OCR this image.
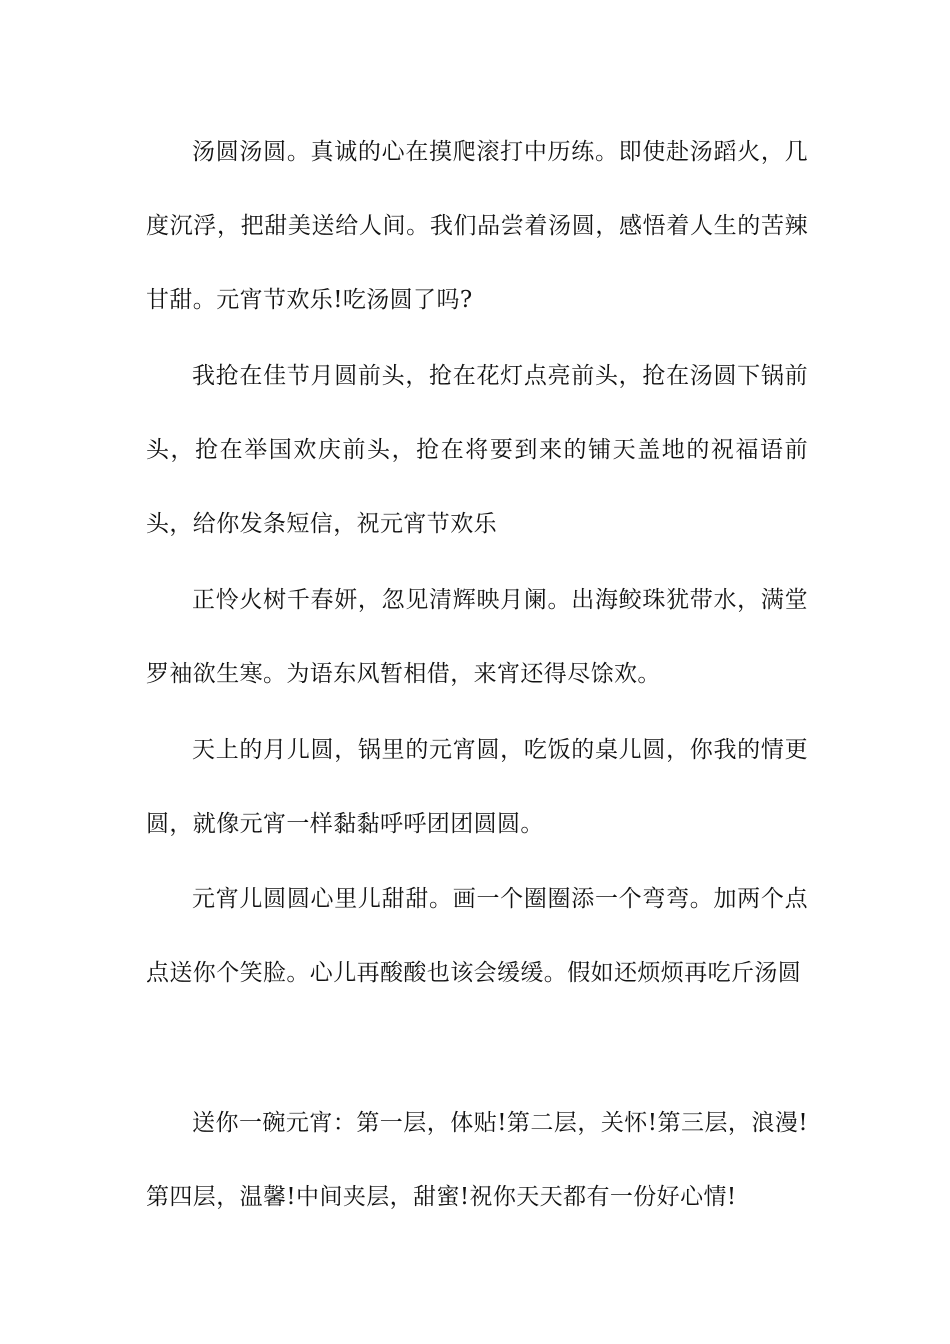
汤圆汤圆。真诚的心在摸爬滚打中历练。即使赴汤蹈火，几度沉浮，把甜美送给人间。我们品尝着汤圆，感悟着人生的苦辣甘甜。元宵节欢乐!吃汤圆了吗?

我抢在佳节月圆前头，抢在花灯点亮前头，抢在汤圆下锅前头，抢在举国欢庆前头，抢在将要到来的铺天盖地的祝福语前头，给你发条短信，祝元宵节欢乐

正怜火树千春妍，忽见清辉映月阑。出海鲛珠犹带水，满堂罗袖欲生寒。为语东风暂相借，来宵还得尽馀欢。

天上的月儿圆，锅里的元宵圆，吃饭的桌儿圆，你我的情更圆，就像元宵一样黏黏呼呼团团圆圆。

元宵儿圆圆心里儿甜甜。画一个圈圈添一个弯弯。加两个点点送你个笑脸。心儿再酸酸也该会缓缓。假如还烦烦再吃斤汤圆

送你一碗元宵：第一层，体贴!第二层，关怀!第三层，浪漫!第四层，温馨!中间夹层，甜蜜!祝你天天都有一份好心情!
